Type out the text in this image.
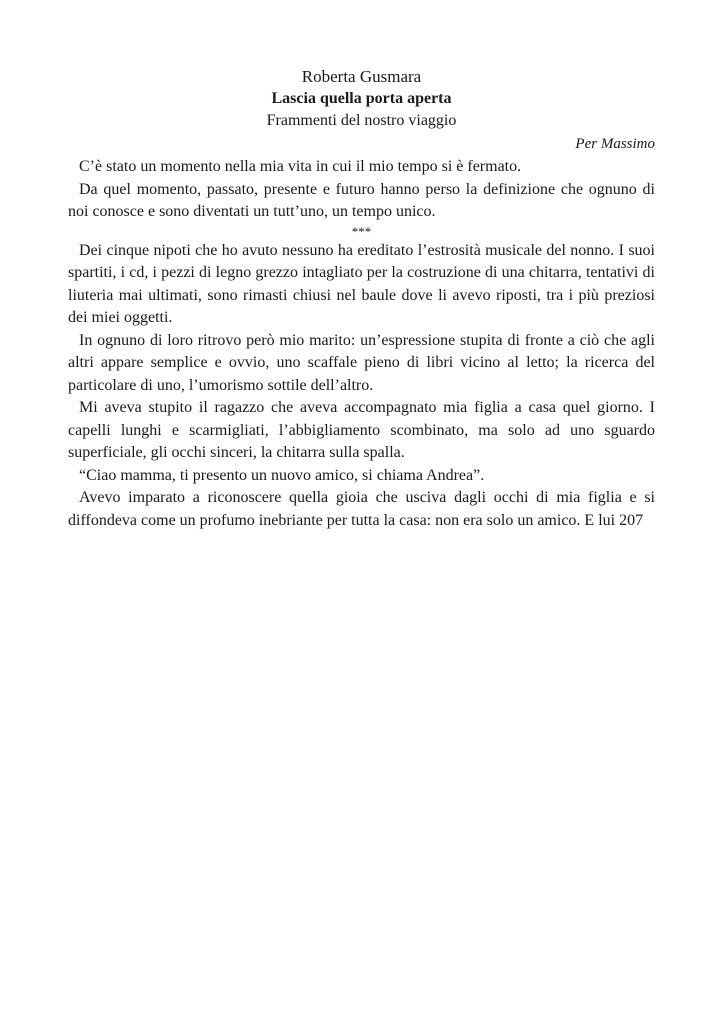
Roberta Gusmara

Lascia quella porta aperta

Frammenti del nostro viaggio

Per Massimo

C’è stato un momento nella mia vita in cui il mio tempo si è fermato.

Da quel momento, passato, presente e futuro hanno perso la definizione che ognuno di noi conosce e sono diventati un tutt’uno, un tempo unico.

***

Dei cinque nipoti che ho avuto nessuno ha ereditato l’estrosità musicale del nonno. I suoi spartiti, i cd, i pezzi di legno grezzo intagliato per la costruzione di una chitarra, tentativi di liuteria mai ultimati, sono rimasti chiusi nel baule dove li avevo riposti, tra i più preziosi dei miei oggetti.

In ognuno di loro ritrovo però mio marito: un’espressione stupita di fronte a ciò che agli altri appare semplice e ovvio, uno scaffale pieno di libri vicino al letto; la ricerca del particolare di uno, l’umorismo sottile dell’altro.

Mi aveva stupito il ragazzo che aveva accompagnato mia figlia a casa quel giorno. I capelli lunghi e scarmigliati, l’abbigliamento scombinato, ma solo ad uno sguardo superficiale, gli occhi sinceri, la chitarra sulla spalla.

“Ciao mamma, ti presento un nuovo amico, si chiama Andrea”.

Avevo imparato a riconoscere quella gioia che usciva dagli occhi di mia figlia e si diffondeva come un profumo inebriante per tutta la casa: non era solo un amico. E lui 207
